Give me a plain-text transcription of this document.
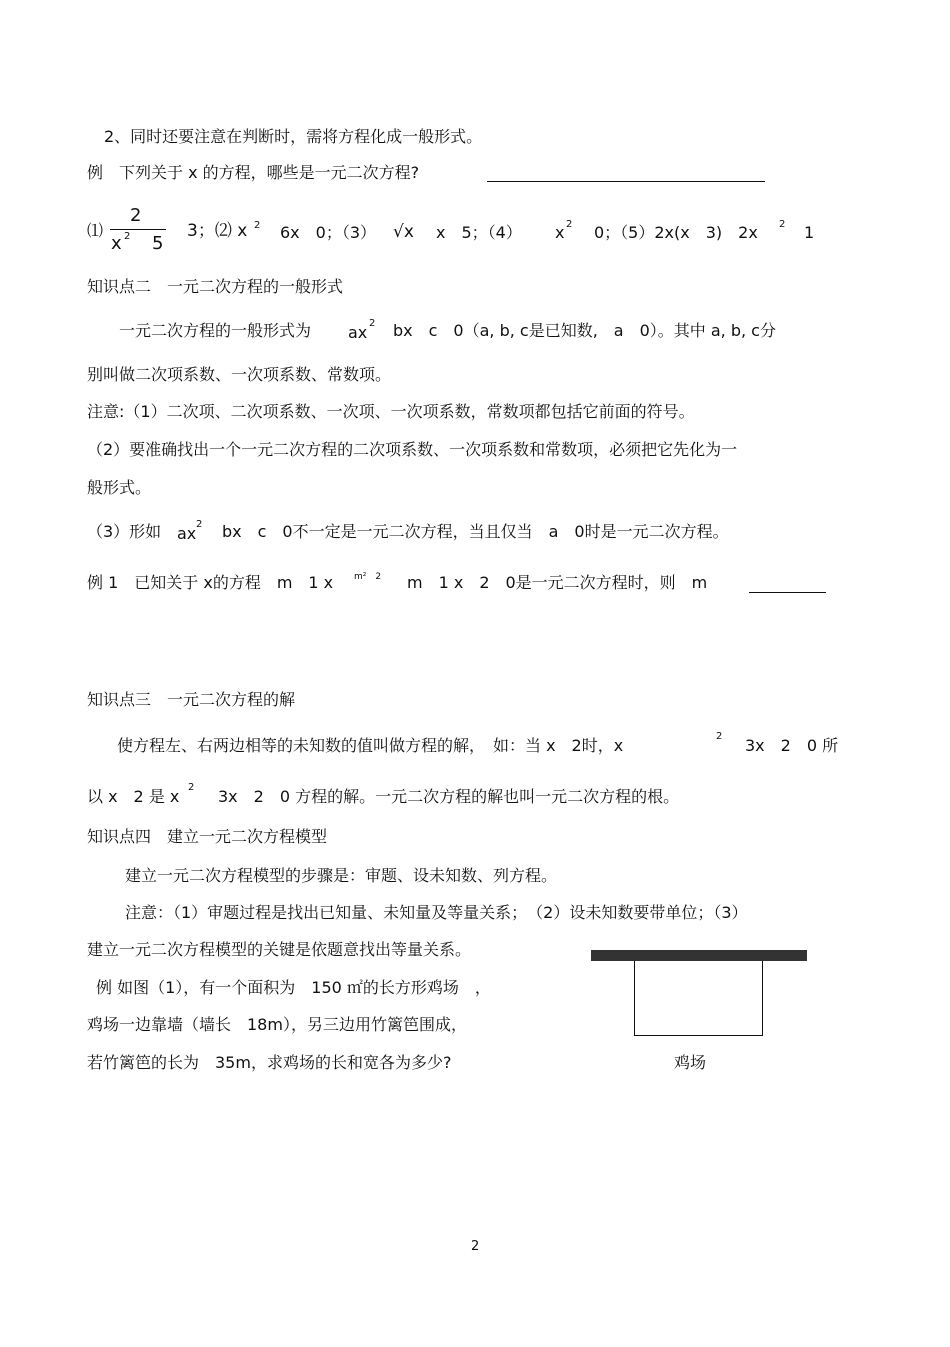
2、同时还要注意在判断时，需将方程化成一般形式。
例　下列关于 x 的方程，哪些是一元二次方程?
⑴
2
x 2 5
3；⑵ x 2 6x　0；（3） √x x　5；（4） x 2 0；（5）2x(x　3)　2x 2 1
知识点二　一元二次方程的一般形式
一元二次方程的一般形式为 ax 2 bx　c　0（a, b, c是已知数,　a　0）。其中 a, b, c分
别叫做二次项系数、一次项系数、常数项。
注意:（1）二次项、二次项系数、一次项、一次项系数，常数项都包括它前面的符号。
（2）要准确找出一个一元二次方程的二次项系数、一次项系数和常数项，必须把它先化为一
般形式。
（3）形如 ax 2 bx　c　0不一定是一元二次方程，当且仅当　a　0时是一元二次方程。
例 1　已知关于 x的方程　m　1 x m²　2 m　1 x　2　0是一元二次方程时，则　m
知识点三　一元二次方程的解
使方程左、右两边相等的未知数的值叫做方程的解，　如：当 x　2时，x	2 3x　2　0 所
以 x　2 是 x 2 3x　2　0 方程的解。一元二次方程的解也叫一元二次方程的根。
知识点四　建立一元二次方程模型
建立一元二次方程模型的步骤是：审题、设未知数、列方程。
注意：（1）审题过程是找出已知量、未知量及等量关系；　（2）设未知数要带单位；（3）
建立一元二次方程模型的关键是依题意找出等量关系。
例 如图（1），有一个面积为　150 ㎡的长方形鸡场　，
鸡场一边靠墙（墙长　18m），另三边用竹篱笆围成，
若竹篱笆的长为　35m，求鸡场的长和宽各为多少?	鸡场
2
